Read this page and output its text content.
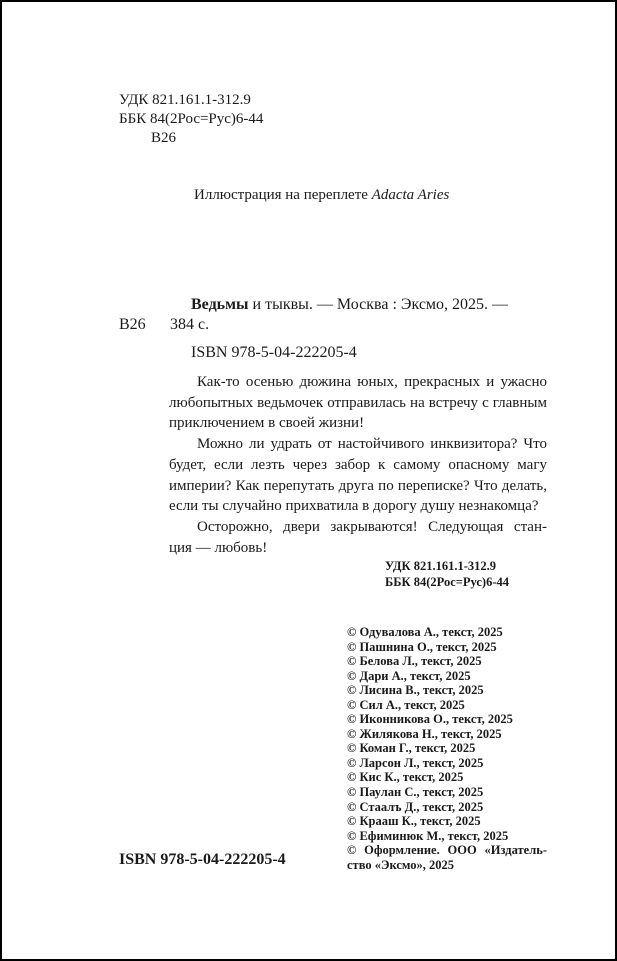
УДК 821.161.1-312.9
ББК 84(2Рос=Рус)6-44
В26
Иллюстрация на переплете Adacta Aries
Ведьмы и тыквы. — Москва : Эксмо, 2025. —
В26 384 с.
ISBN 978-5-04-222205-4

Как-то осенью дюжина юных, прекрасных и ужасно любопытных ведьмочек отправилась на встречу с главным приключением в своей жизни!

Можно ли удрать от настойчивого инквизитора? Что будет, если лезть через забор к самому опасному магу империи? Как перепутать друга по переписке? Что делать, если ты случайно прихватила в дорогу душу незнакомца?

Осторожно, двери закрываются! Следующая стан-

ция — любовь!

УДК 821.161.1-312.9
ББК 84(2Рос=Рус)6-44
© Одувалова А., текст, 2025
© Пашнина О., текст, 2025
© Белова Л., текст, 2025
© Дари А., текст, 2025
© Лисина В., текст, 2025
© Сил А., текст, 2025
© Иконникова О., текст, 2025
© Жилякова Н., текст, 2025
© Коман Г., текст, 2025
© Ларсон Л., текст, 2025
© Кис К., текст, 2025
© Паулан С., текст, 2025
© Стаалъ Д., текст, 2025
© Крааш К., текст, 2025
© Ефиминюк М., текст, 2025
© Оформление. ООО «Издатель-ство «Эксмо», 2025
ISBN 978-5-04-222205-4
